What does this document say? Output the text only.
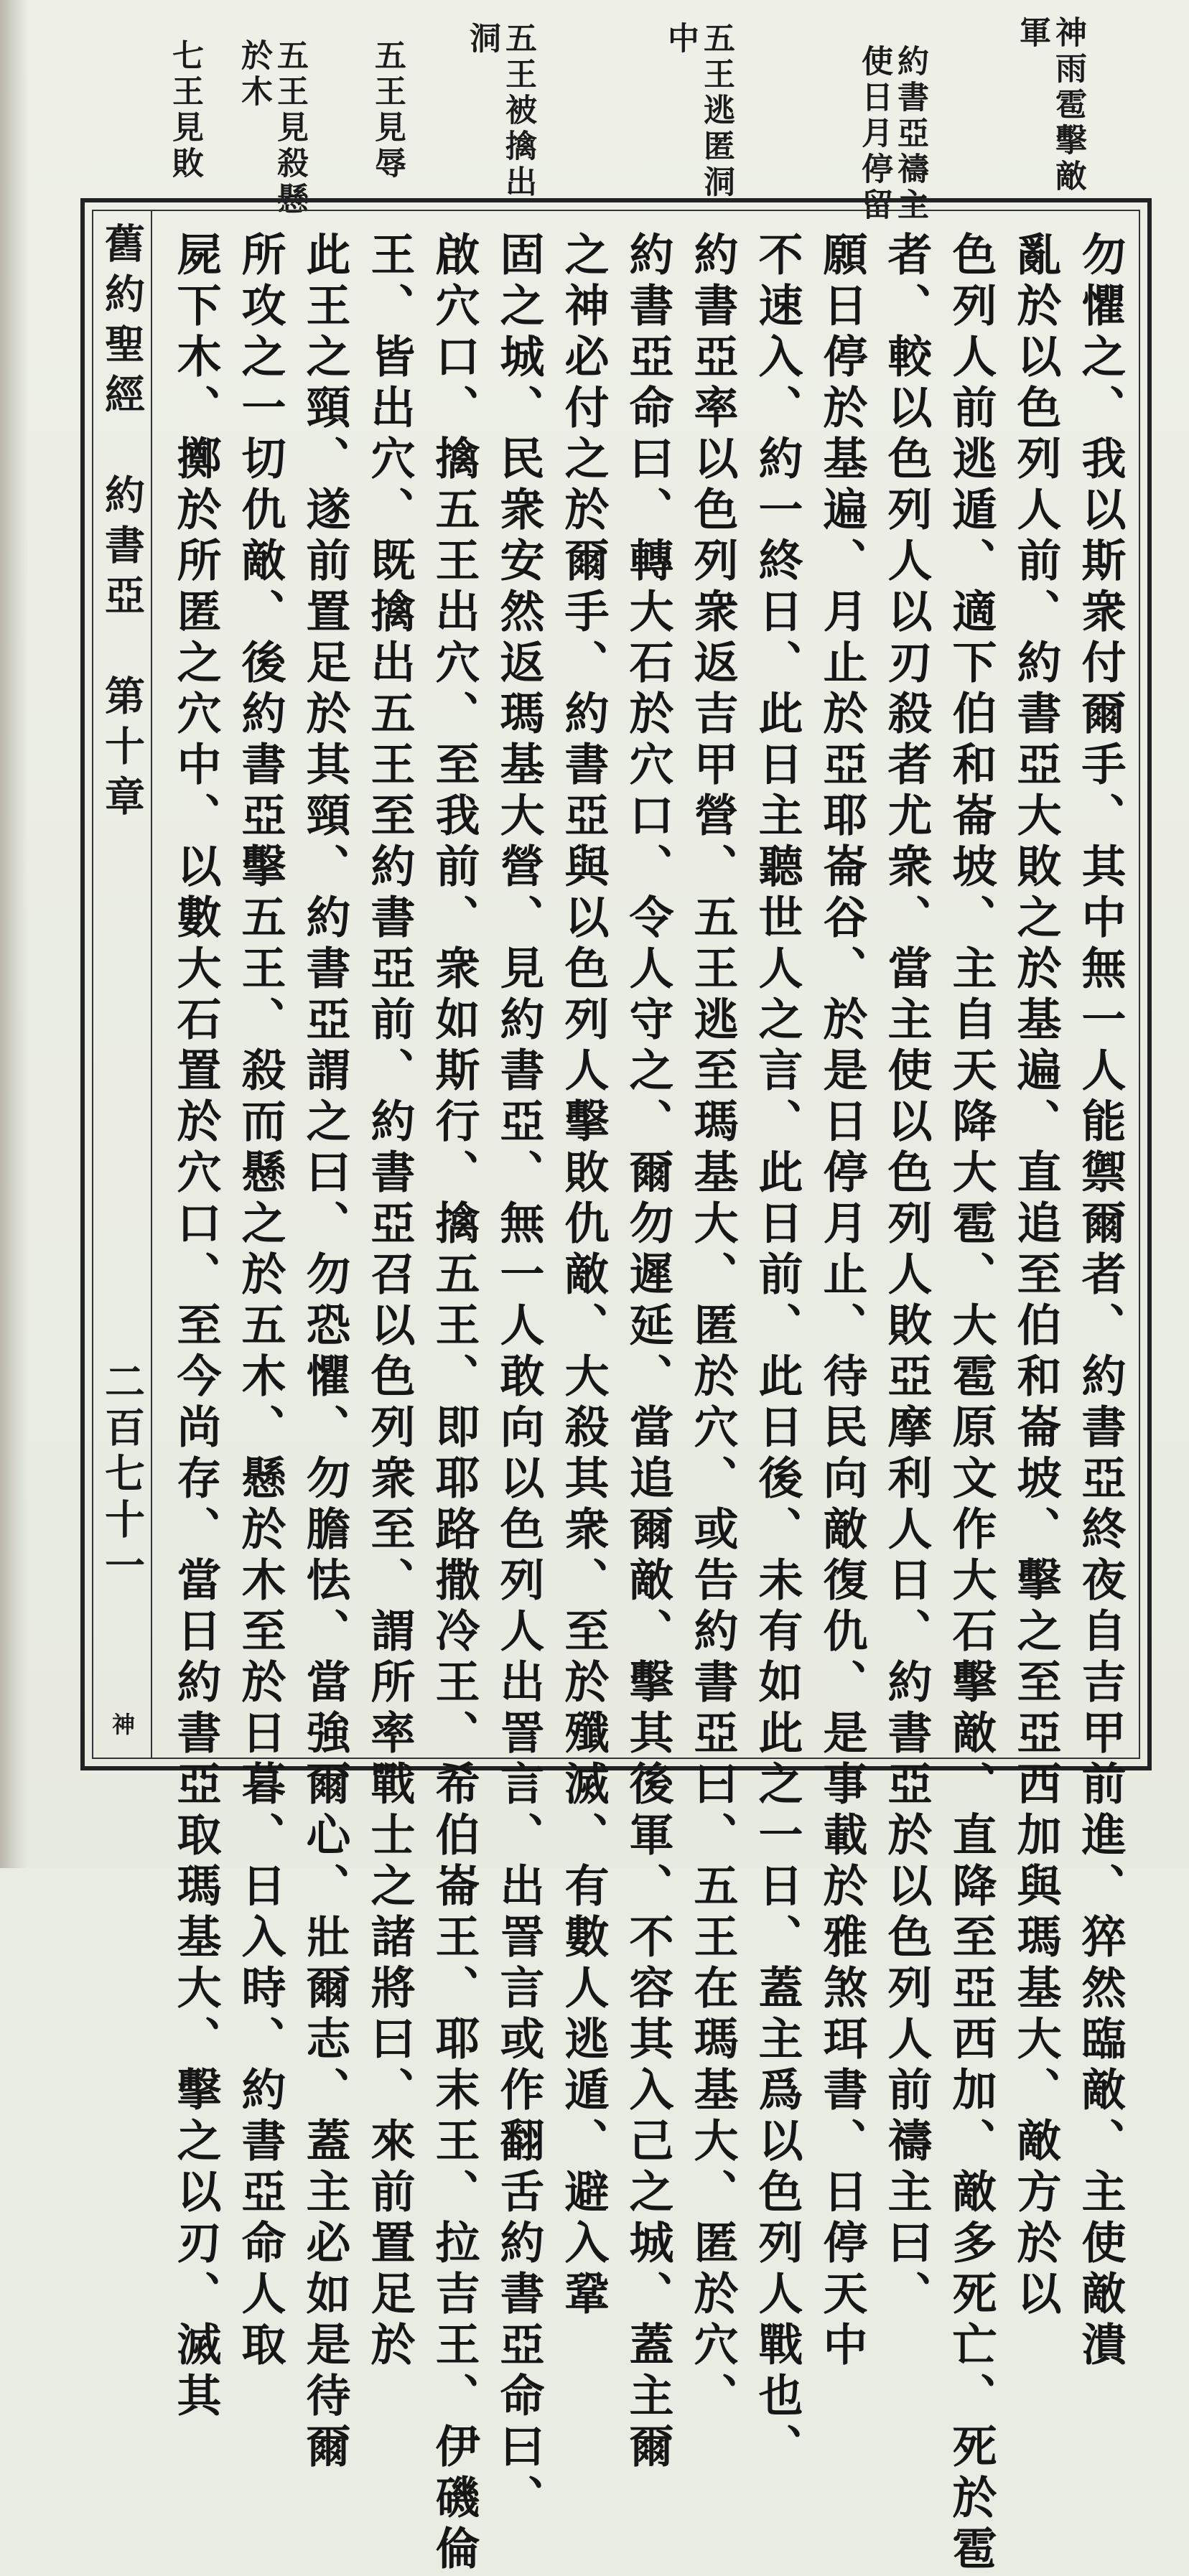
神雨雹擊敵
軍
約書亞禱主
使日月停留
五王逃匿洞
中
五王被擒出
洞
五王見辱
五王見殺懸
於木
七王見敗
舊約聖經　約書亞　第十章
二百七十一
神	勿懼之、我以斯衆付爾手、其中無一人能禦爾者、約書亞終夜自吉甲前進、猝然臨敵、主使敵潰
亂於以色列人前、約書亞大敗之於基遍、直追至伯和崙坡、擊之至亞西加與瑪基大、敵方於以
色列人前逃遁、適下伯和崙坡、主自天降大雹、大雹原文作大石擊敵、直降至亞西加、敵多死亡、死於雹
者、較以色列人以刃殺者尤衆、當主使以色列人敗亞摩利人日、約書亞於以色列人前禱主曰、
願日停於基遍、月止於亞耶崙谷、於是日停月止、待民向敵復仇、是事載於雅煞珥書、日停天中
不速入、約一終日、此日主聽世人之言、此日前、此日後、未有如此之一日、蓋主爲以色列人戰也、
約書亞率以色列衆返吉甲營、五王逃至瑪基大、匿於穴、或告約書亞曰、五王在瑪基大、匿於穴、
約書亞命曰、轉大石於穴口、令人守之、爾勿遲延、當追爾敵、擊其後軍、不容其入己之城、蓋主爾
之神必付之於爾手、約書亞與以色列人擊敗仇敵、大殺其衆、至於殲滅、有數人逃遁、避入鞏
固之城、民衆安然返瑪基大營、見約書亞、無一人敢向以色列人出詈言、出詈言或作翻舌約書亞命曰、
啟穴口、擒五王出穴、至我前、衆如斯行、擒五王、即耶路撒冷王、希伯崙王、耶末王、拉吉王、伊磯倫
王、皆出穴、既擒出五王至約書亞前、約書亞召以色列衆至、謂所率戰士之諸將曰、來前置足於
此王之頸、遂前置足於其頸、約書亞謂之曰、勿恐懼、勿膽怯、當強爾心、壯爾志、蓋主必如是待爾
所攻之一切仇敵、後約書亞擊五王、殺而懸之於五木、懸於木至於日暮、日入時、約書亞命人取
屍下木、擲於所匿之穴中、以數大石置於穴口、至今尚存、當日約書亞取瑪基大、擊之以刃、滅其
